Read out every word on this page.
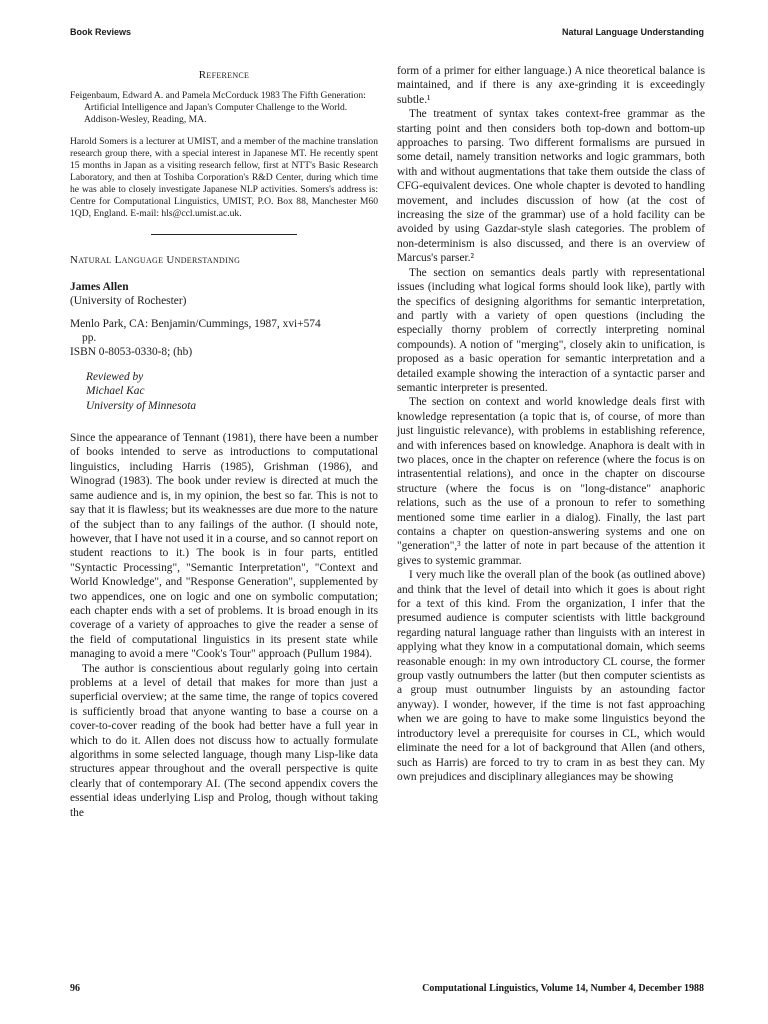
Book Reviews	Natural Language Understanding
Reference
Feigenbaum, Edward A. and Pamela McCorduck 1983 The Fifth Generation: Artificial Intelligence and Japan's Computer Challenge to the World. Addison-Wesley, Reading, MA.
Harold Somers is a lecturer at UMIST, and a member of the machine translation research group there, with a special interest in Japanese MT. He recently spent 15 months in Japan as a visiting research fellow, first at NTT's Basic Research Laboratory, and then at Toshiba Corporation's R&D Center, during which time he was able to closely investigate Japanese NLP activities. Somers's address is: Centre for Computational Linguistics, UMIST, P.O. Box 88, Manchester M60 1QD, England. E-mail: hls@ccl.umist.ac.uk.
Natural Language Understanding
James Allen
(University of Rochester)
Menlo Park, CA: Benjamin/Cummings, 1987, xvi+574
pp.
ISBN 0-8053-0330-8; (hb)
Reviewed by
Michael Kac
University of Minnesota

Since the appearance of Tennant (1981), there have been a number of books intended to serve as introductions to computational linguistics, including Harris (1985), Grishman (1986), and Winograd (1983). The book under review is directed at much the same audience and is, in my opinion, the best so far. This is not to say that it is flawless; but its weaknesses are due more to the nature of the subject than to any failings of the author. (I should note, however, that I have not used it in a course, and so cannot report on student reactions to it.) The book is in four parts, entitled "Syntactic Processing", "Semantic Interpretation", "Context and World Knowledge", and "Response Generation", supplemented by two appendices, one on logic and one on symbolic computation; each chapter ends with a set of problems. It is broad enough in its coverage of a variety of approaches to give the reader a sense of the field of computational linguistics in its present state while managing to avoid a mere "Cook's Tour" approach (Pullum 1984).

The author is conscientious about regularly going into certain problems at a level of detail that makes for more than just a superficial overview; at the same time, the range of topics covered is sufficiently broad that anyone wanting to base a course on a cover-to-cover reading of the book had better have a full year in which to do it. Allen does not discuss how to actually formulate algorithms in some selected language, though many Lisp-like data structures appear throughout and the overall perspective is quite clearly that of contemporary AI. (The second appendix covers the essential ideas underlying Lisp and Prolog, though without taking the

form of a primer for either language.) A nice theoretical balance is maintained, and if there is any axe-grinding it is exceedingly subtle.¹

The treatment of syntax takes context-free grammar as the starting point and then considers both top-down and bottom-up approaches to parsing. Two different formalisms are pursued in some detail, namely transition networks and logic grammars, both with and without augmentations that take them outside the class of CFG-equivalent devices. One whole chapter is devoted to handling movement, and includes discussion of how (at the cost of increasing the size of the grammar) use of a hold facility can be avoided by using Gazdar-style slash categories. The problem of non-determinism is also discussed, and there is an overview of Marcus's parser.²

The section on semantics deals partly with representational issues (including what logical forms should look like), partly with the specifics of designing algorithms for semantic interpretation, and partly with a variety of open questions (including the especially thorny problem of correctly interpreting nominal compounds). A notion of "merging", closely akin to unification, is proposed as a basic operation for semantic interpretation and a detailed example showing the interaction of a syntactic parser and semantic interpreter is presented.

The section on context and world knowledge deals first with knowledge representation (a topic that is, of course, of more than just linguistic relevance), with problems in establishing reference, and with inferences based on knowledge. Anaphora is dealt with in two places, once in the chapter on reference (where the focus is on intrasentential relations), and once in the chapter on discourse structure (where the focus is on "long-distance" anaphoric relations, such as the use of a pronoun to refer to something mentioned some time earlier in a dialog). Finally, the last part contains a chapter on question-answering systems and one on "generation",³ the latter of note in part because of the attention it gives to systemic grammar.

I very much like the overall plan of the book (as outlined above) and think that the level of detail into which it goes is about right for a text of this kind. From the organization, I infer that the presumed audience is computer scientists with little background regarding natural language rather than linguists with an interest in applying what they know in a computational domain, which seems reasonable enough: in my own introductory CL course, the former group vastly outnumbers the latter (but then computer scientists as a group must outnumber linguists by an astounding factor anyway). I wonder, however, if the time is not fast approaching when we are going to have to make some linguistics beyond the introductory level a prerequisite for courses in CL, which would eliminate the need for a lot of background that Allen (and others, such as Harris) are forced to try to cram in as best they can. My own prejudices and disciplinary allegiances may be showing

96	Computational Linguistics, Volume 14, Number 4, December 1988
